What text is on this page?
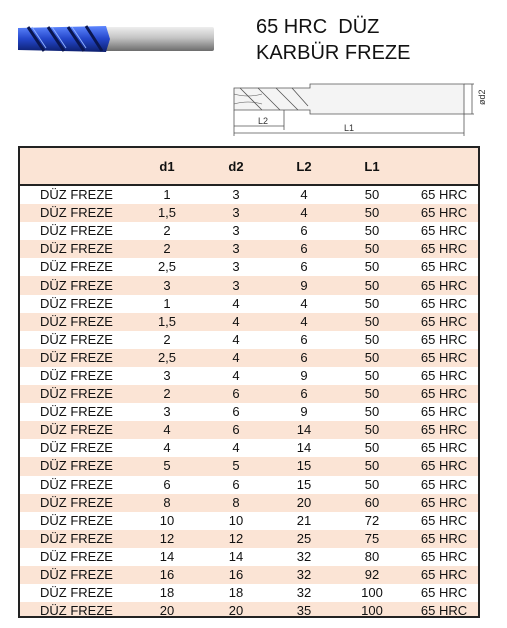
65 HRC  DÜZ
KARBÜR FREZE
ød2
L2
L1
	d1	d2	L2	L1	
DÜZ FREZE	1	3	4	50	65 HRC
DÜZ FREZE	1,5	3	4	50	65 HRC
DÜZ FREZE	2	3	6	50	65 HRC
DÜZ FREZE	2	3	6	50	65 HRC
DÜZ FREZE	2,5	3	6	50	65 HRC
DÜZ FREZE	3	3	9	50	65 HRC
DÜZ FREZE	1	4	4	50	65 HRC
DÜZ FREZE	1,5	4	4	50	65 HRC
DÜZ FREZE	2	4	6	50	65 HRC
DÜZ FREZE	2,5	4	6	50	65 HRC
DÜZ FREZE	3	4	9	50	65 HRC
DÜZ FREZE	2	6	6	50	65 HRC
DÜZ FREZE	3	6	9	50	65 HRC
DÜZ FREZE	4	6	14	50	65 HRC
DÜZ FREZE	4	4	14	50	65 HRC
DÜZ FREZE	5	5	15	50	65 HRC
DÜZ FREZE	6	6	15	50	65 HRC
DÜZ FREZE	8	8	20	60	65 HRC
DÜZ FREZE	10	10	21	72	65 HRC
DÜZ FREZE	12	12	25	75	65 HRC
DÜZ FREZE	14	14	32	80	65 HRC
DÜZ FREZE	16	16	32	92	65 HRC
DÜZ FREZE	18	18	32	100	65 HRC
DÜZ FREZE	20	20	35	100	65 HRC
